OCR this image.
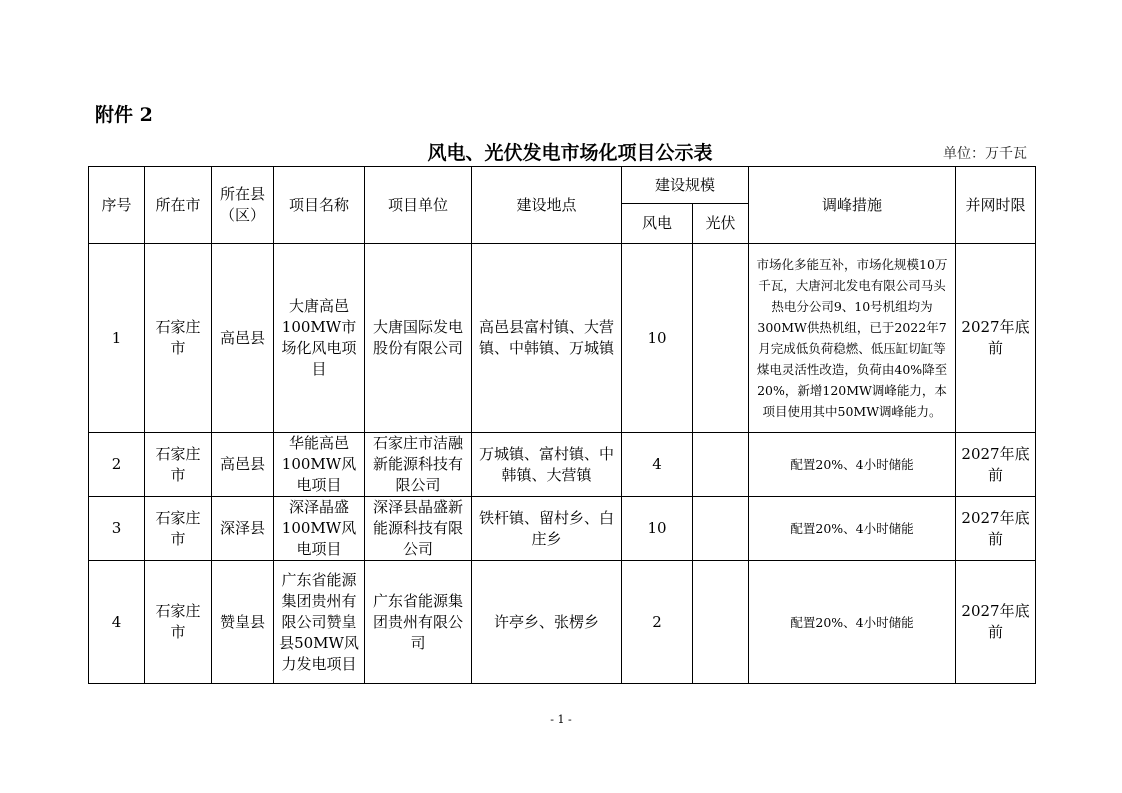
附件 2
风电、光伏发电市场化项目公示表	单位：万千瓦
序号	所在市	所在县（区）	项目名称	项目单位	建设地点	建设规模		调峰措施	并网时限
						风电	光伏		
1	石家庄市	高邑县	大唐高邑100MW市场化风电项目	大唐国际发电股份有限公司	高邑县富村镇、大营镇、中韩镇、万城镇	10		市场化多能互补，市场化规模10万千瓦，大唐河北发电有限公司马头热电分公司9、10号机组均为300MW供热机组，已于2022年7月完成低负荷稳燃、低压缸切缸等煤电灵活性改造，负荷由40%降至20%，新增120MW调峰能力，本项目使用其中50MW调峰能力。	2027年底前
2	石家庄市	高邑县	华能高邑100MW风电项目	石家庄市洁融新能源科技有限公司	万城镇、富村镇、中韩镇、大营镇	4		配置20%、4小时储能	2027年底前
3	石家庄市	深泽县	深泽晶盛100MW风电项目	深泽县晶盛新能源科技有限公司	铁杆镇、留村乡、白庄乡	10		配置20%、4小时储能	2027年底前
4	石家庄市	赞皇县	广东省能源集团贵州有限公司赞皇县50MW风力发电项目	广东省能源集团贵州有限公司	许亭乡、张楞乡	2		配置20%、4小时储能	2027年底前
- 1 -
